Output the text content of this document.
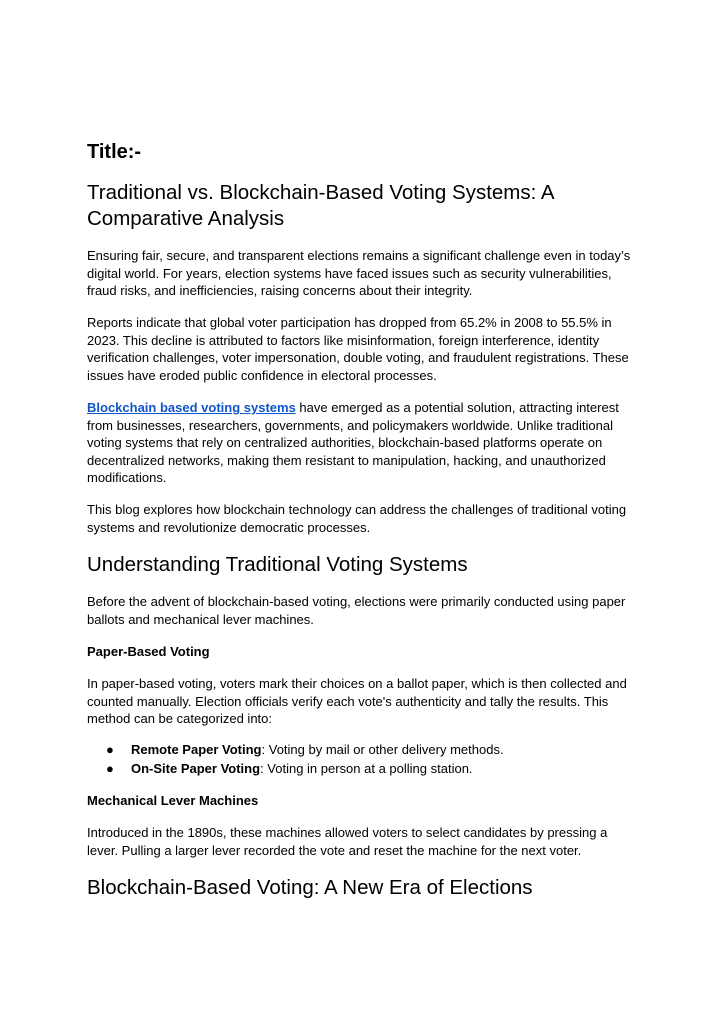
Title:-

Traditional vs. Blockchain-Based Voting Systems: A Comparative Analysis

Ensuring fair, secure, and transparent elections remains a significant challenge even in today’s digital world. For years, election systems have faced issues such as security vulnerabilities, fraud risks, and inefficiencies, raising concerns about their integrity.

Reports indicate that global voter participation has dropped from 65.2% in 2008 to 55.5% in 2023. This decline is attributed to factors like misinformation, foreign interference, identity verification challenges, voter impersonation, double voting, and fraudulent registrations. These issues have eroded public confidence in electoral processes.

Blockchain based voting systems have emerged as a potential solution, attracting interest from businesses, researchers, governments, and policymakers worldwide. Unlike traditional voting systems that rely on centralized authorities, blockchain-based platforms operate on decentralized networks, making them resistant to manipulation, hacking, and unauthorized modifications.

This blog explores how blockchain technology can address the challenges of traditional voting systems and revolutionize democratic processes.

Understanding Traditional Voting Systems

Before the advent of blockchain-based voting, elections were primarily conducted using paper ballots and mechanical lever machines.

Paper-Based Voting

In paper-based voting, voters mark their choices on a ballot paper, which is then collected and counted manually. Election officials verify each vote's authenticity and tally the results. This method can be categorized into:

● Remote Paper Voting: Voting by mail or other delivery methods.
● On-Site Paper Voting: Voting in person at a polling station.
Mechanical Lever Machines

Introduced in the 1890s, these machines allowed voters to select candidates by pressing a lever. Pulling a larger lever recorded the vote and reset the machine for the next voter.

Blockchain-Based Voting: A New Era of Elections
